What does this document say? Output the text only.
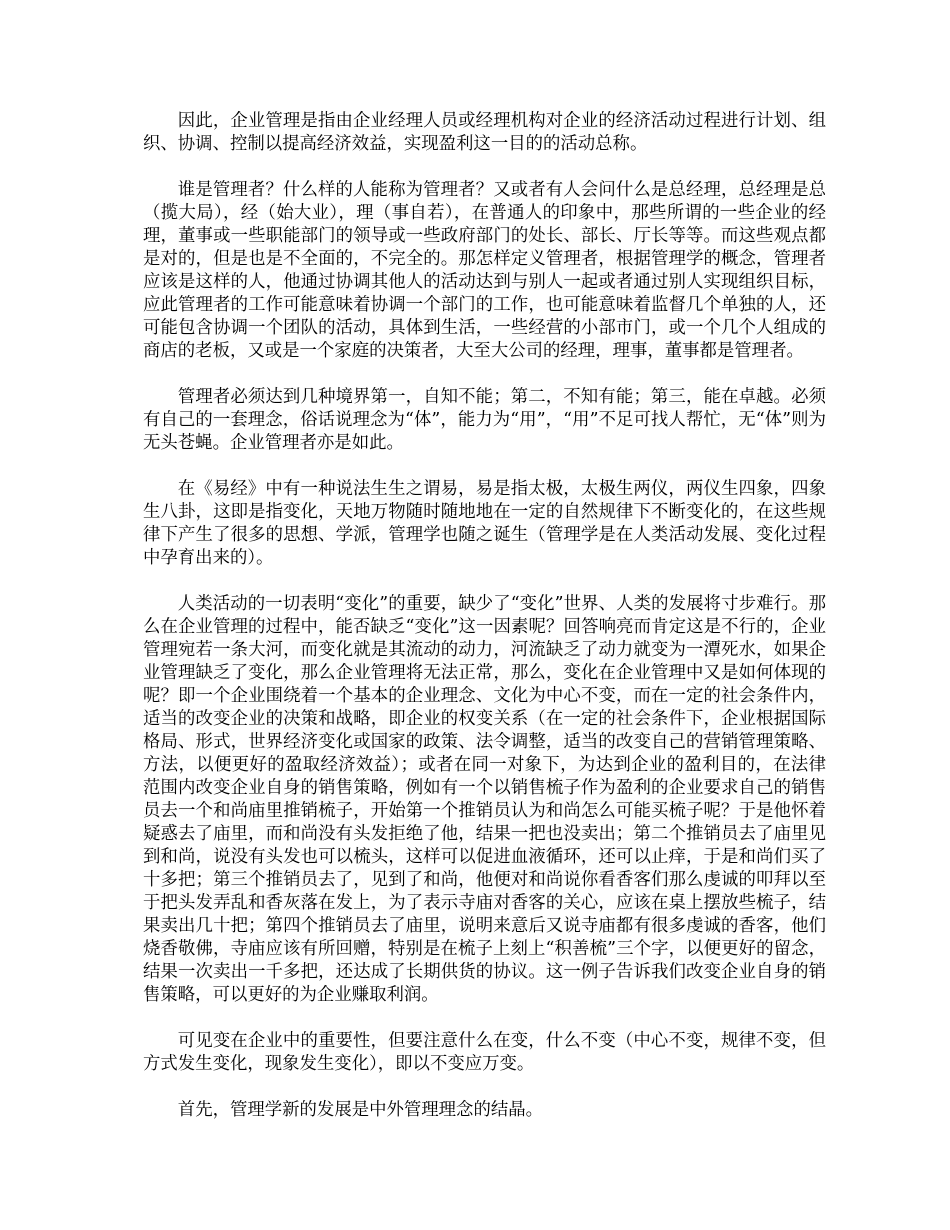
因此，企业管理是指由企业经理人员或经理机构对企业的经济活动过程进行计划、组织、协调、控制以提高经济效益，实现盈利这一目的的活动总称。

谁是管理者？什么样的人能称为管理者？又或者有人会问什么是总经理，总经理是总（揽大局），经（始大业），理（事自若），在普通人的印象中，那些所谓的一些企业的经理，董事或一些职能部门的领导或一些政府部门的处长、部长、厅长等等。而这些观点都是对的，但是也是不全面的，不完全的。那怎样定义管理者，根据管理学的概念，管理者应该是这样的人，他通过协调其他人的活动达到与别人一起或者通过别人实现组织目标，应此管理者的工作可能意味着协调一个部门的工作，也可能意味着监督几个单独的人，还可能包含协调一个团队的活动，具体到生活，一些经营的小部市门，或一个几个人组成的商店的老板，又或是一个家庭的决策者，大至大公司的经理，理事，董事都是管理者。

管理者必须达到几种境界第一，自知不能；第二，不知有能；第三，能在卓越。必须有自己的一套理念，俗话说理念为“体”，能力为“用”，“用”不足可找人帮忙，无“体”则为无头苍蝇。企业管理者亦是如此。

在《易经》中有一种说法生生之谓易，易是指太极，太极生两仪，两仪生四象，四象生八卦，这即是指变化，天地万物随时随地地在一定的自然规律下不断变化的，在这些规律下产生了很多的思想、学派，管理学也随之诞生（管理学是在人类活动发展、变化过程中孕育出来的）。

人类活动的一切表明“变化”的重要，缺少了“变化”世界、人类的发展将寸步难行。那么在企业管理的过程中，能否缺乏“变化”这一因素呢？回答响亮而肯定这是不行的，企业管理宛若一条大河，而变化就是其流动的动力，河流缺乏了动力就变为一潭死水，如果企业管理缺乏了变化，那么企业管理将无法正常，那么，变化在企业管理中又是如何体现的呢？即一个企业围绕着一个基本的企业理念、文化为中心不变，而在一定的社会条件内，适当的改变企业的决策和战略，即企业的权变关系（在一定的社会条件下，企业根据国际格局、形式，世界经济变化或国家的政策、法令调整，适当的改变自己的营销管理策略、方法，以便更好的盈取经济效益）；或者在同一对象下，为达到企业的盈利目的，在法律范围内改变企业自身的销售策略，例如有一个以销售梳子作为盈利的企业要求自己的销售员去一个和尚庙里推销梳子，开始第一个推销员认为和尚怎么可能买梳子呢？于是他怀着疑惑去了庙里，而和尚没有头发拒绝了他，结果一把也没卖出；第二个推销员去了庙里见到和尚，说没有头发也可以梳头，这样可以促进血液循环，还可以止痒，于是和尚们买了十多把；第三个推销员去了，见到了和尚，他便对和尚说你看香客们那么虔诚的叩拜以至于把头发弄乱和香灰落在发上，为了表示寺庙对香客的关心，应该在桌上摆放些梳子，结果卖出几十把；第四个推销员去了庙里，说明来意后又说寺庙都有很多虔诚的香客，他们烧香敬佛，寺庙应该有所回赠，特别是在梳子上刻上“积善梳”三个字，以便更好的留念，结果一次卖出一千多把，还达成了长期供货的协议。这一例子告诉我们改变企业自身的销售策略，可以更好的为企业赚取利润。

可见变在企业中的重要性，但要注意什么在变，什么不变（中心不变，规律不变，但方式发生变化，现象发生变化），即以不变应万变。

首先，管理学新的发展是中外管理理念的结晶。
